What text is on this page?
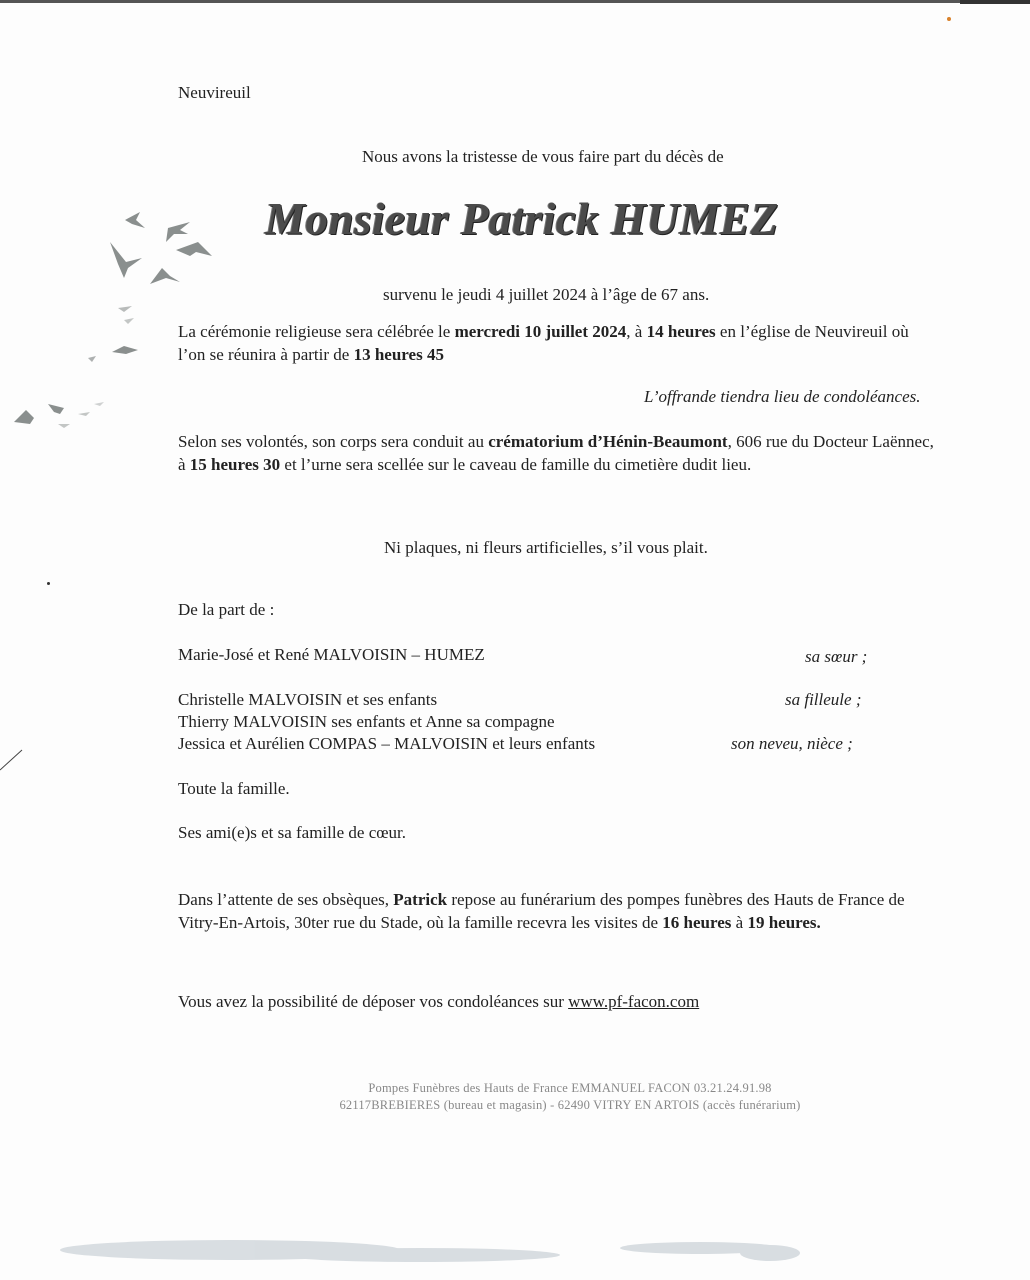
Neuvireuil
Nous avons la tristesse de vous faire part du décès de
Monsieur Patrick HUMEZ
survenu le jeudi 4 juillet 2024 à l’âge de 67 ans.
La cérémonie religieuse sera célébrée le mercredi 10 juillet 2024, à 14 heures en l’église de Neuvireuil où l’on se réunira à partir de 13 heures 45
L’offrande tiendra lieu de condoléances.
Selon ses volontés, son corps sera conduit au crématorium d’Hénin-Beaumont, 606 rue du Docteur Laënnec, à 15 heures 30 et l’urne sera scellée sur le caveau de famille du cimetière dudit lieu.
Ni plaques, ni fleurs artificielles, s’il vous plait.
De la part de :
Marie-José et René MALVOISIN – HUMEZ	sa sœur ;
Christelle MALVOISIN et ses enfants	sa filleule ;
Thierry MALVOISIN ses enfants et Anne sa compagne
Jessica et Aurélien COMPAS – MALVOISIN et leurs enfants	son neveu, nièce ;
Toute la famille.
Ses ami(e)s et sa famille de cœur.
Dans l’attente de ses obsèques, Patrick repose au funérarium des pompes funèbres des Hauts de France de Vitry-En-Artois, 30ter rue du Stade, où la famille recevra les visites de 16 heures à 19 heures.
Vous avez la possibilité de déposer vos condoléances sur www.pf-facon.com
Pompes Funèbres des Hauts de France EMMANUEL FACON 03.21.24.91.98
62117BREBIERES (bureau et magasin) - 62490 VITRY EN ARTOIS (accès funérarium)
